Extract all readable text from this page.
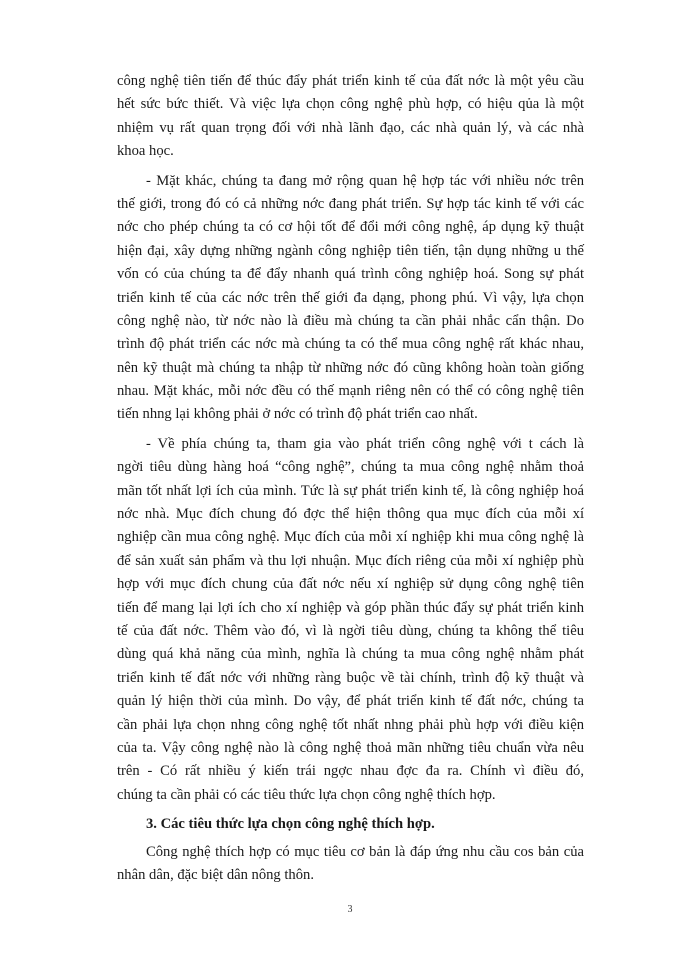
công nghệ tiên tiến để thúc đẩy phát triển kinh tế của đất nớc là một yêu cầu
hết sức bức thiết. Và việc lựa chọn công nghệ phù hợp, có hiệu qủa là một
nhiệm vụ rất quan trọng đối với nhà lãnh đạo, các nhà quản lý, và các nhà
khoa học.
- Mặt khác, chúng ta đang mở rộng quan hệ hợp tác với nhiều nớc trên
thế giới, trong đó có cả những nớc đang phát triển. Sự hợp tác kinh tế với các
nớc cho phép chúng ta có cơ hội tốt để đổi mới công nghệ, áp dụng kỹ thuật
hiện đại, xây dựng những ngành công nghiệp tiên tiến, tận dụng những u thế
vốn có của chúng ta để đẩy nhanh quá trình công nghiệp hoá. Song sự phát
triển kinh tế của các nớc trên thế giới đa dạng, phong phú. Vì vậy, lựa chọn
công nghệ nào, từ nớc nào là điều mà chúng ta cần phải nhắc cẩn thận. Do
trình độ phát triển các nớc mà chúng ta có thể mua công nghệ rất khác nhau,
nên kỹ thuật mà chúng ta nhập từ những nớc đó cũng không hoàn toàn giống
nhau. Mặt khác, mỗi nớc đều có thế mạnh riêng nên có thể có công nghệ tiên
tiến nhng lại không phải ở nớc có trình độ phát triển cao nhất.
- Về phía chúng ta, tham gia vào phát triển công nghệ với t cách là
ngời tiêu dùng hàng hoá “công nghệ”, chúng ta mua công nghệ nhằm thoả
mãn tốt nhất lợi ích của mình. Tức là sự phát triển kinh tế, là công nghiệp hoá
nớc nhà. Mục đích chung đó đợc thể hiện thông qua mục đích của mỗi xí
nghiệp cần mua công nghệ. Mục đích của mỗi xí nghiệp khi mua công nghệ là
để sản xuất sản phẩm và thu lợi nhuận. Mục đích riêng của mỗi xí nghiệp phù
hợp với mục đích chung của đất nớc nếu xí nghiệp sử dụng công nghệ tiên
tiến để mang lại lợi ích cho xí nghiệp và góp phần thúc đẩy sự phát triển kinh
tế của đất nớc. Thêm vào đó, vì là ngời tiêu dùng, chúng ta không thể tiêu
dùng quá khả năng của mình, nghĩa là chúng ta mua công nghệ nhằm phát
triển kinh tế đất nớc với những ràng buộc về tài chính, trình độ kỹ thuật và
quản lý hiện thời của mình. Do vậy, để phát triển kinh tế đất nớc, chúng ta
cần phải lựa chọn nhng công nghệ tốt nhất nhng phải phù hợp với điều kiện
của ta. Vậy công nghệ nào là công nghệ thoả mãn những tiêu chuẩn vừa nêu
trên - Có rất nhiều ý kiến trái ngợc nhau đợc đa ra. Chính vì điều đó,
chúng ta cần phải có các tiêu thức lựa chọn công nghệ thích hợp.
3. Các tiêu thức lựa chọn công nghệ thích hợp.
Công nghệ thích hợp có mục tiêu cơ bản là đáp ứng nhu cầu cos bản của
nhân dân, đặc biệt dân nông thôn.
3
